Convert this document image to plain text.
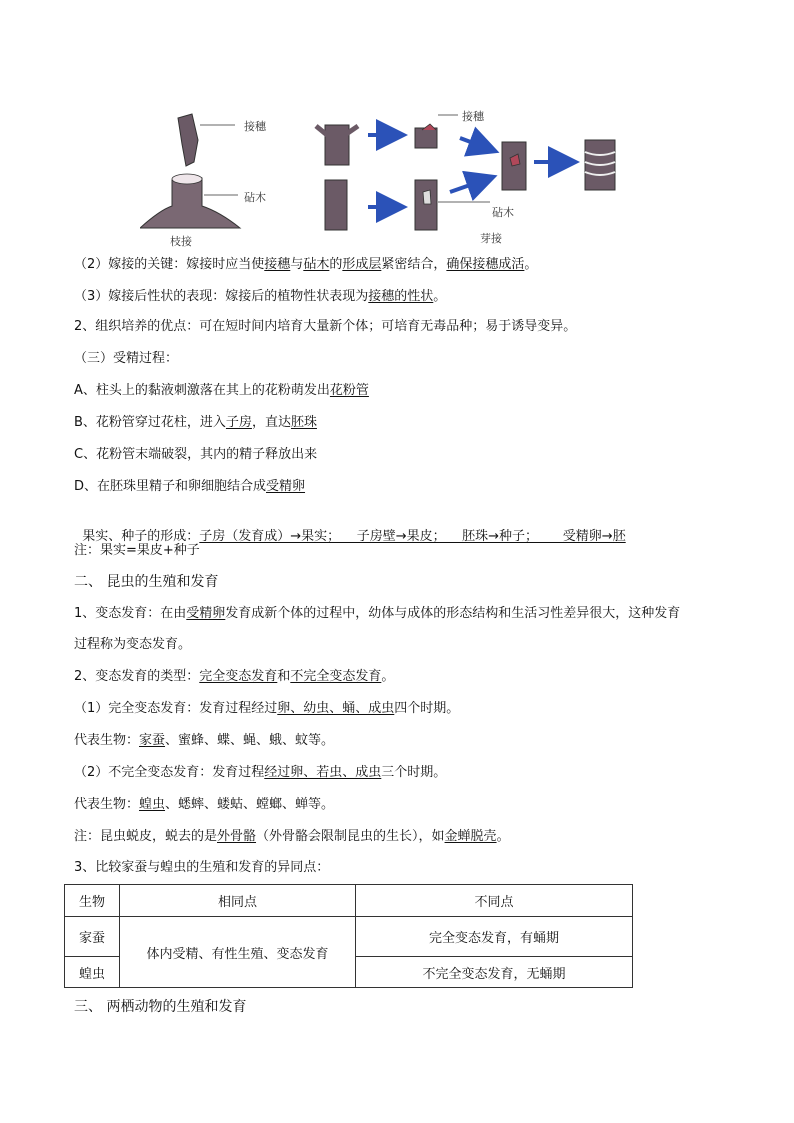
接穗
砧木
接穗
砧木
枝接	芽接
（2）嫁接的关键：嫁接时应当使接穗与砧木的形成层紧密结合，确保接穗成活。
（3）嫁接后性状的表现：嫁接后的植物性状表现为接穗的性状。
2、组织培养的优点：可在短时间内培育大量新个体；可培育无毒品种；易于诱导变异。
（三）受精过程：
A、柱头上的黏液刺激落在其上的花粉萌发出花粉管
B、花粉管穿过花柱，进入子房，直达胚珠
C、花粉管末端破裂，其内的精子释放出来
D、在胚珠里精子和卵细胞结合成受精卵

果实、种子的形成：子房（发育成）→果实；    子房壁→果皮；    胚珠→种子；      受精卵→胚

注：果实=果皮+种子
二、 昆虫的生殖和发育
1、变态发育：在由受精卵发育成新个体的过程中，幼体与成体的形态结构和生活习性差异很大，这种发育
过程称为变态发育。
2、变态发育的类型：完全变态发育和不完全变态发育。
（1）完全变态发育：发育过程经过卵、幼虫、蛹、成虫四个时期。
代表生物：家蚕、蜜蜂、蝶、蝇、蛾、蚊等。
（2）不完全变态发育：发育过程经过卵、若虫、成虫三个时期。
代表生物：蝗虫、蟋蟀、蝼蛄、螳螂、蝉等。
注：昆虫蜕皮，蜕去的是外骨骼（外骨骼会限制昆虫的生长），如金蝉脱壳。
3、比较家蚕与蝗虫的生殖和发育的异同点：
生物	相同点	不同点
家蚕	体内受精、有性生殖、变态发育	完全变态发育，有蛹期
蝗虫		不完全变态发育，无蛹期
三、 两栖动物的生殖和发育
